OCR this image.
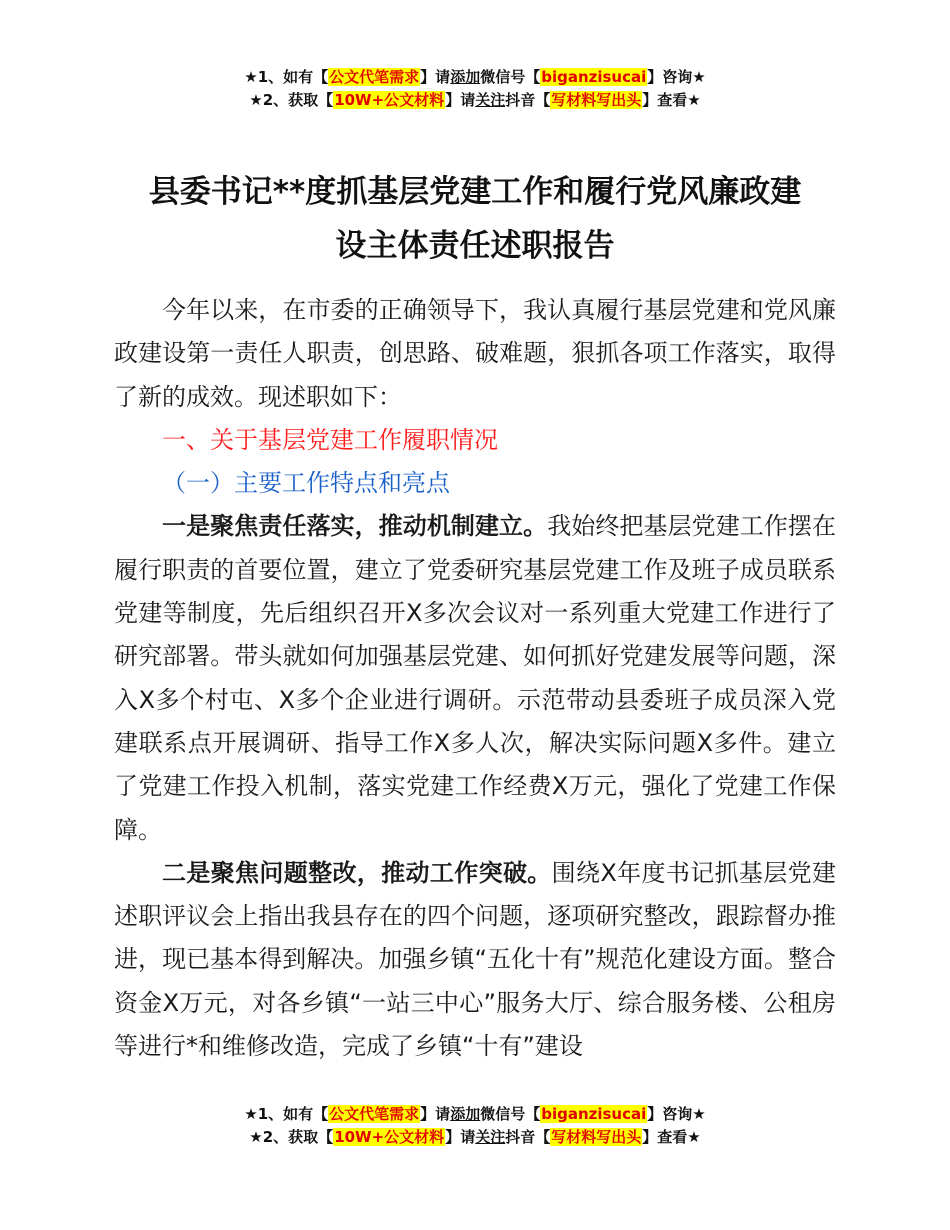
★1、如有【公文代笔需求】请添加微信号【biganzisucai】咨询★
★2、获取【10W+公文材料】请关注抖音【写材料写出头】查看★
县委书记**度抓基层党建工作和履行党风廉政建
设主体责任述职报告

今年以来，在市委的正确领导下，我认真履行基层党建和党风廉政建设第一责任人职责，创思路、破难题，狠抓各项工作落实，取得了新的成效。现述职如下：

一、关于基层党建工作履职情况

（一）主要工作特点和亮点

一是聚焦责任落实，推动机制建立。我始终把基层党建工作摆在履行职责的首要位置，建立了党委研究基层党建工作及班子成员联系党建等制度，先后组织召开X多次会议对一系列重大党建工作进行了研究部署。带头就如何加强基层党建、如何抓好党建发展等问题，深入X多个村屯、X多个企业进行调研。示范带动县委班子成员深入党建联系点开展调研、指导工作X多人次，解决实际问题X多件。建立了党建工作投入机制，落实党建工作经费X万元，强化了党建工作保障。

二是聚焦问题整改，推动工作突破。围绕X年度书记抓基层党建述职评议会上指出我县存在的四个问题，逐项研究整改，跟踪督办推进，现已基本得到解决。加强乡镇“五化十有”规范化建设方面。整合资金X万元，对各乡镇“一站三中心”服务大厅、综合服务楼、公租房等进行*和维修改造，完成了乡镇“十有”建设

★1、如有【公文代笔需求】请添加微信号【biganzisucai】咨询★
★2、获取【10W+公文材料】请关注抖音【写材料写出头】查看★
